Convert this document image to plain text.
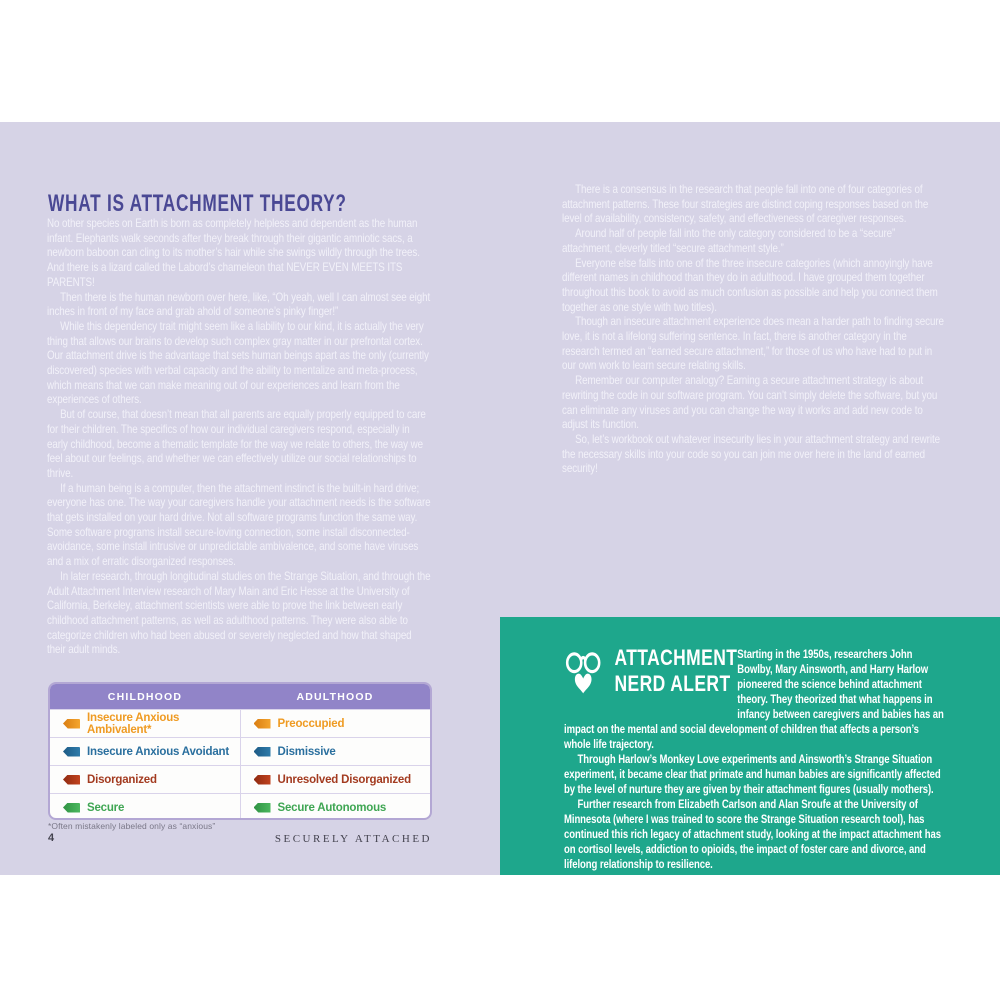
WHAT IS ATTACHMENT THEORY?

No other species on Earth is born as completely helpless and dependent as the human infant. Elephants walk seconds after they break through their gigantic amniotic sacs, a newborn baboon can cling to its mother’s hair while she swings wildly through the trees. And there is a lizard called the Labord’s chameleon that NEVER EVEN MEETS ITS PARENTS!

Then there is the human newborn over here, like, “Oh yeah, well I can almost see eight inches in front of my face and grab ahold of someone’s pinky finger!”

While this dependency trait might seem like a liability to our kind, it is actually the very thing that allows our brains to develop such complex gray matter in our prefrontal cortex. Our attachment drive is the advantage that sets human beings apart as the only (currently discovered) species with verbal capacity and the ability to mentalize and meta-process, which means that we can make meaning out of our experiences and learn from the experiences of others.

But of course, that doesn’t mean that all parents are equally properly equipped to care for their children. The specifics of how our individual caregivers respond, especially in early childhood, become a thematic template for the way we relate to others, the way we feel about our feelings, and whether we can effectively utilize our social relationships to thrive.

If a human being is a computer, then the attachment instinct is the built-in hard drive; everyone has one. The way your caregivers handle your attachment needs is the software that gets installed on your hard drive. Not all software programs function the same way. Some software programs install secure-loving connection, some install disconnected-avoidance, some install intrusive or unpredictable ambivalence, and some have viruses and a mix of erratic disorganized responses.

In later research, through longitudinal studies on the Strange Situation, and through the Adult Attachment Interview research of Mary Main and Eric Hesse at the University of California, Berkeley, attachment scientists were able to prove the link between early childhood attachment patterns, as well as adulthood patterns. They were also able to categorize children who had been abused or severely neglected and how that shaped their adult minds.

CHILDHOOD	ADULTHOOD
Insecure Anxious Ambivalent*	Preoccupied
Insecure Anxious Avoidant	Dismissive
Disorganized	Unresolved Disorganized
Secure	Secure Autonomous
*Often mistakenly labeled only as “anxious”
4	SECURELY ATTACHED

There is a consensus in the research that people fall into one of four categories of attachment patterns. These four strategies are distinct coping responses based on the level of availability, consistency, safety, and effectiveness of caregiver responses.

Around half of people fall into the only category considered to be a “secure” attachment, cleverly titled “secure attachment style.”

Everyone else falls into one of the three insecure categories (which annoyingly have different names in childhood than they do in adulthood. I have grouped them together throughout this book to avoid as much confusion as possible and help you connect them together as one style with two titles).

Though an insecure attachment experience does mean a harder path to finding secure love, it is not a lifelong suffering sentence. In fact, there is another category in the research termed an “earned secure attachment,” for those of us who have had to put in our own work to learn secure relating skills.

Remember our computer analogy? Earning a secure attachment strategy is about rewriting the code in our software program. You can’t simply delete the software, but you can eliminate any viruses and you can change the way it works and add new code to adjust its function.

So, let’s workbook out whatever insecurity lies in your attachment strategy and rewrite the necessary skills into your code so you can join me over here in the land of earned security!

ATTACHMENT
NERD ALERT

Starting in the 1950s, researchers John Bowlby, Mary Ainsworth, and Harry Harlow pioneered the science behind attachment theory. They theorized that what happens in infancy between caregivers and babies has an impact on the mental and social development of children that affects a person’s whole life trajectory.

Through Harlow’s Monkey Love experiments and Ainsworth’s Strange Situation experiment, it became clear that primate and human babies are significantly affected by the level of nurture they are given by their attachment figures (usually mothers).

Further research from Elizabeth Carlson and Alan Sroufe at the University of Minnesota (where I was trained to score the Strange Situation research tool), has continued this rich legacy of attachment study, looking at the impact attachment has on cortisol levels, addiction to opioids, the impact of foster care and divorce, and lifelong relationship to resilience.
